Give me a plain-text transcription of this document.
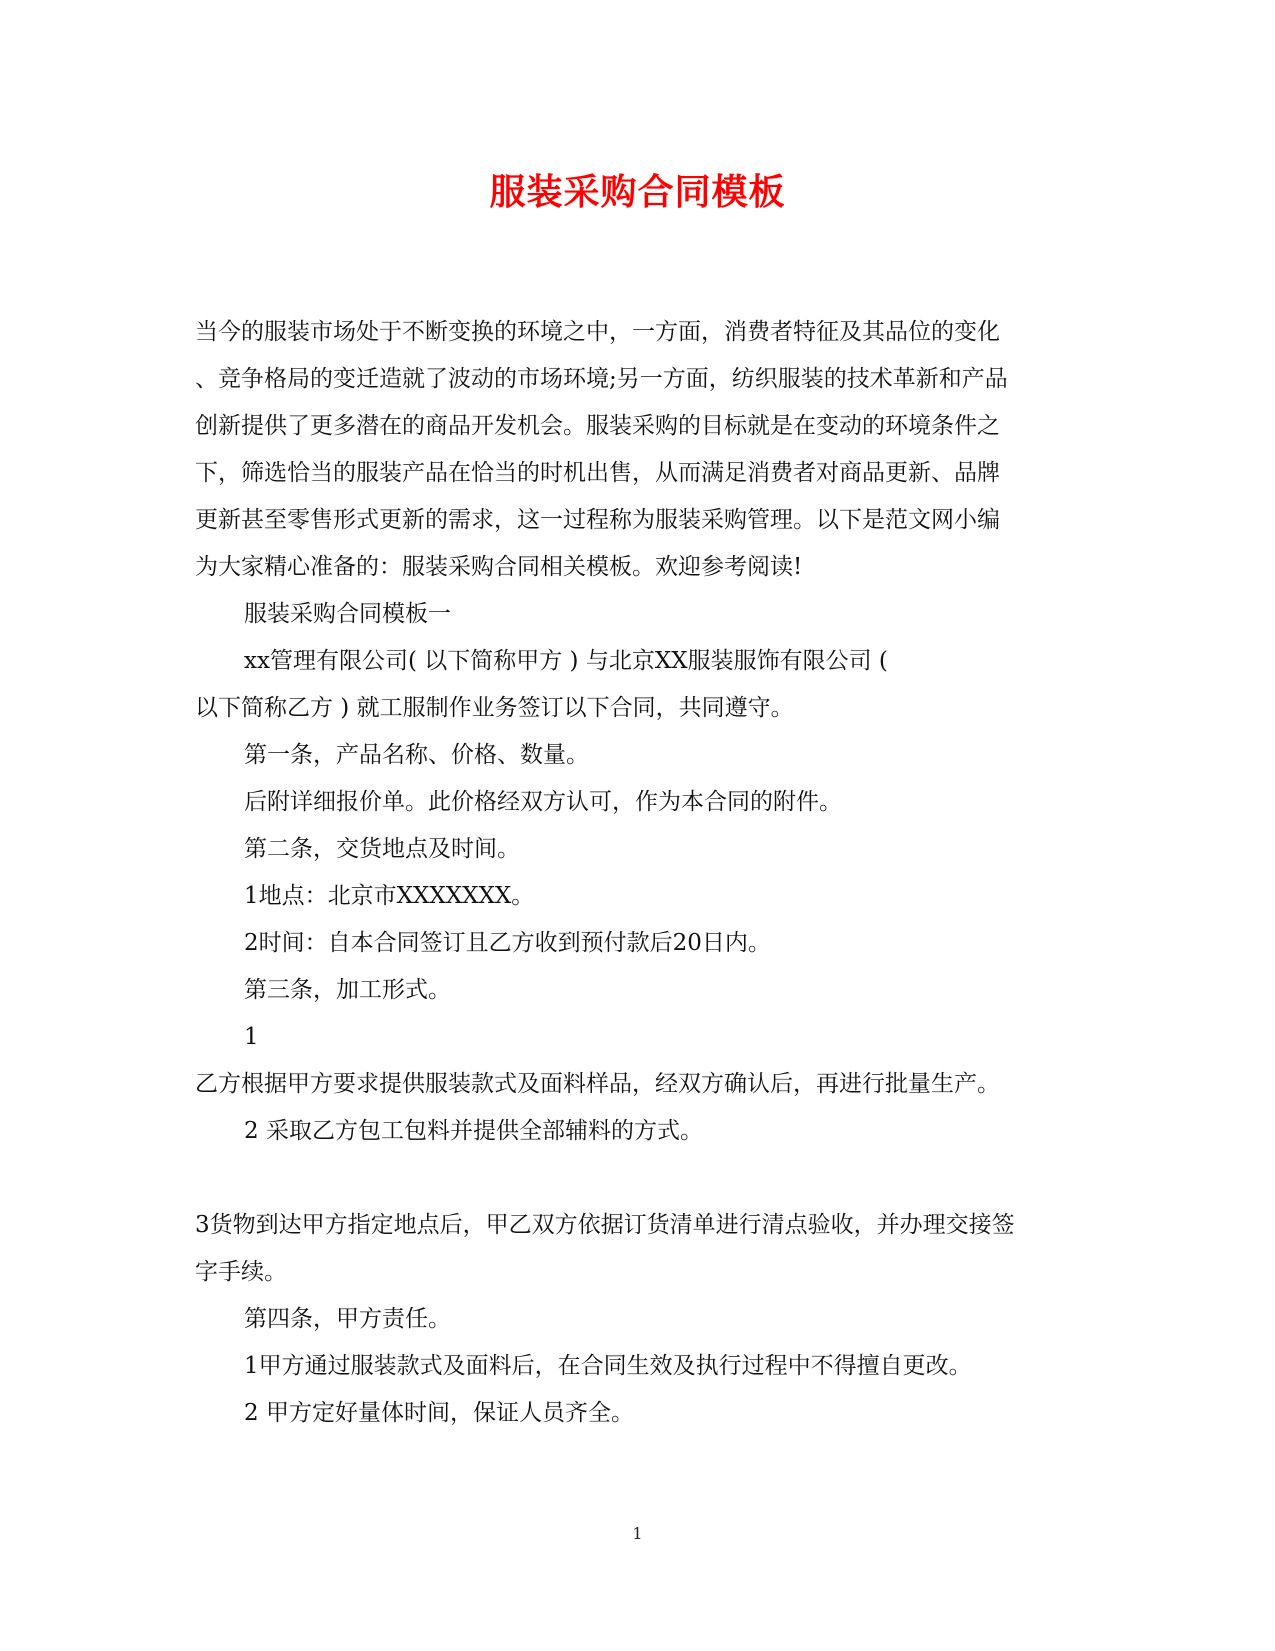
服装采购合同模板

当今的服装市场处于不断变换的环境之中，一方面，消费者特征及其品位的变化

、竞争格局的变迁造就了波动的市场环境;另一方面，纺织服装的技术革新和产品

创新提供了更多潜在的商品开发机会。服装采购的目标就是在变动的环境条件之

下，筛选恰当的服装产品在恰当的时机出售，从而满足消费者对商品更新、品牌

更新甚至零售形式更新的需求，这一过程称为服装采购管理。以下是范文网小编

为大家精心准备的：服装采购合同相关模板。欢迎参考阅读!

服装采购合同模板一

xx管理有限公司( 以下简称甲方 ) 与北京XX服装服饰有限公司 (

以下简称乙方 ) 就工服制作业务签订以下合同，共同遵守。

第一条，产品名称、价格、数量。

后附详细报价单。此价格经双方认可，作为本合同的附件。

第二条，交货地点及时间。

1地点：北京市XXXXXXX。

2时间：自本合同签订且乙方收到预付款后20日内。

第三条，加工形式。

1

乙方根据甲方要求提供服装款式及面料样品，经双方确认后，再进行批量生产。

2 采取乙方包工包料并提供全部辅料的方式。

3货物到达甲方指定地点后，甲乙双方依据订货清单进行清点验收，并办理交接签

字手续。

第四条，甲方责任。

1甲方通过服装款式及面料后，在合同生效及执行过程中不得擅自更改。

2 甲方定好量体时间，保证人员齐全。

1
